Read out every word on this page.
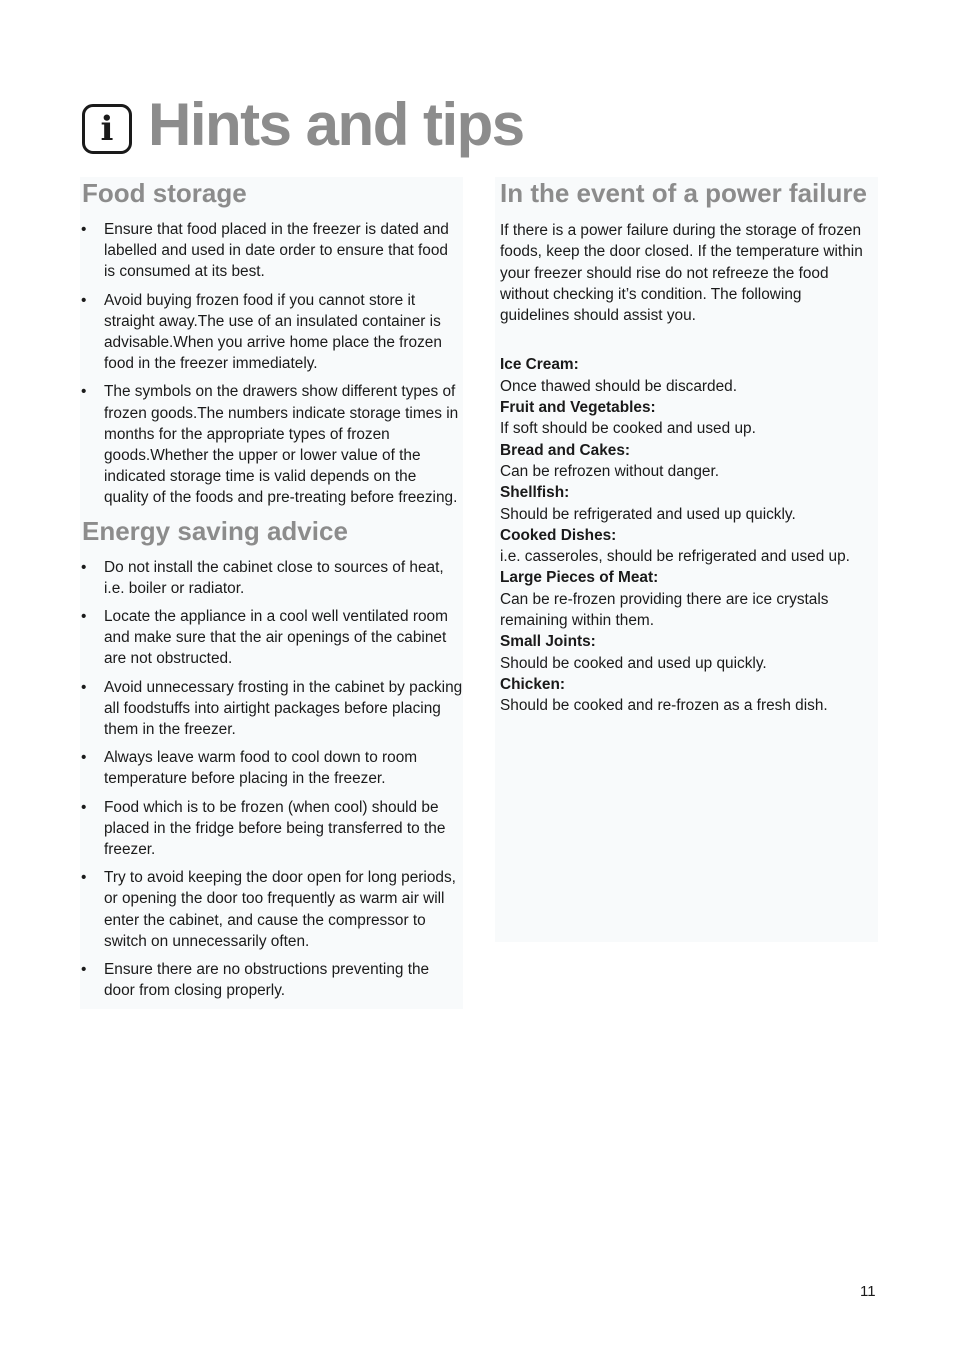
i Hints and tips
Food storage
• Ensure that food placed in the freezer is dated and labelled and used in date order to ensure that food is consumed at its best.
• Avoid buying frozen food if you cannot store it straight away.The use of an insulated container is advisable.When you arrive home place the frozen food in the freezer immediately.
• The symbols on the drawers show different types of frozen goods.The numbers indicate storage times in months for the appropriate types of frozen goods.Whether the upper or lower value of the indicated storage time is valid depends on the quality of the foods and pre-treating before freezing.
Energy saving advice
• Do not install the cabinet close to sources of heat, i.e. boiler or radiator.
• Locate the appliance in a cool well ventilated room and make sure that the air openings of the cabinet are not obstructed.
• Avoid unnecessary frosting in the cabinet by packing all foodstuffs into airtight packages before placing them in the freezer.
• Always leave warm food to cool down to room temperature before placing in the freezer.
• Food which is to be frozen (when cool) should be placed in the fridge before being transferred to the freezer.
• Try to avoid keeping the door open for long periods, or opening the door too frequently as warm air will enter the cabinet, and cause the compressor to switch on unnecessarily often.
• Ensure there are no obstructions preventing the door from closing properly.
In the event of a power failure

If there is a power failure during the storage of frozen foods, keep the door closed. If the temperature within your freezer should rise do not refreeze the food without checking it’s condition. The following guidelines should assist you.

Ice Cream:
Once thawed should be discarded.
Fruit and Vegetables:
If soft should be cooked and used up.
Bread and Cakes:
Can be refrozen without danger.
Shellfish:
Should be refrigerated and used up quickly.
Cooked Dishes:
i.e. casseroles, should be refrigerated and used up.
Large Pieces of Meat:
Can be re-frozen providing there are ice crystals remaining within them.
Small Joints:
Should be cooked and used up quickly.
Chicken:
Should be cooked and re-frozen as a fresh dish.
11
